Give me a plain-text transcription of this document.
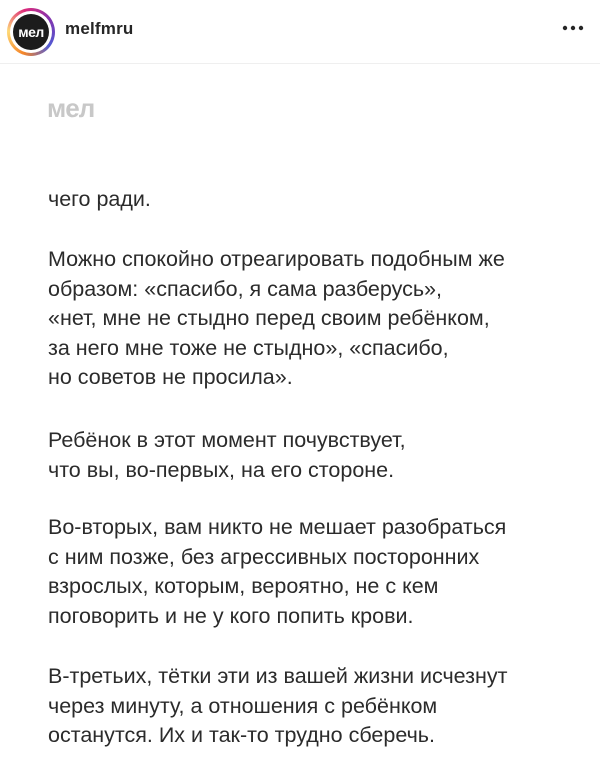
мел	melfmru
мел

чего ради.

Можно спокойно отреагировать подобным же
образом: «спасибо, я сама разберусь»,
«нет, мне не стыдно перед своим ребёнком,
за него мне тоже не стыдно», «спасибо,
но советов не просила».

Ребёнок в этот момент почувствует,
что вы, во-первых, на его стороне.

Во-вторых, вам никто не мешает разобраться
с ним позже, без агрессивных посторонних
взрослых, которым, вероятно, не с кем
поговорить и не у кого попить крови.

В-третьих, тётки эти из вашей жизни исчезнут
через минуту, а отношения с ребёнком
останутся. Их и так-то трудно сберечь.
